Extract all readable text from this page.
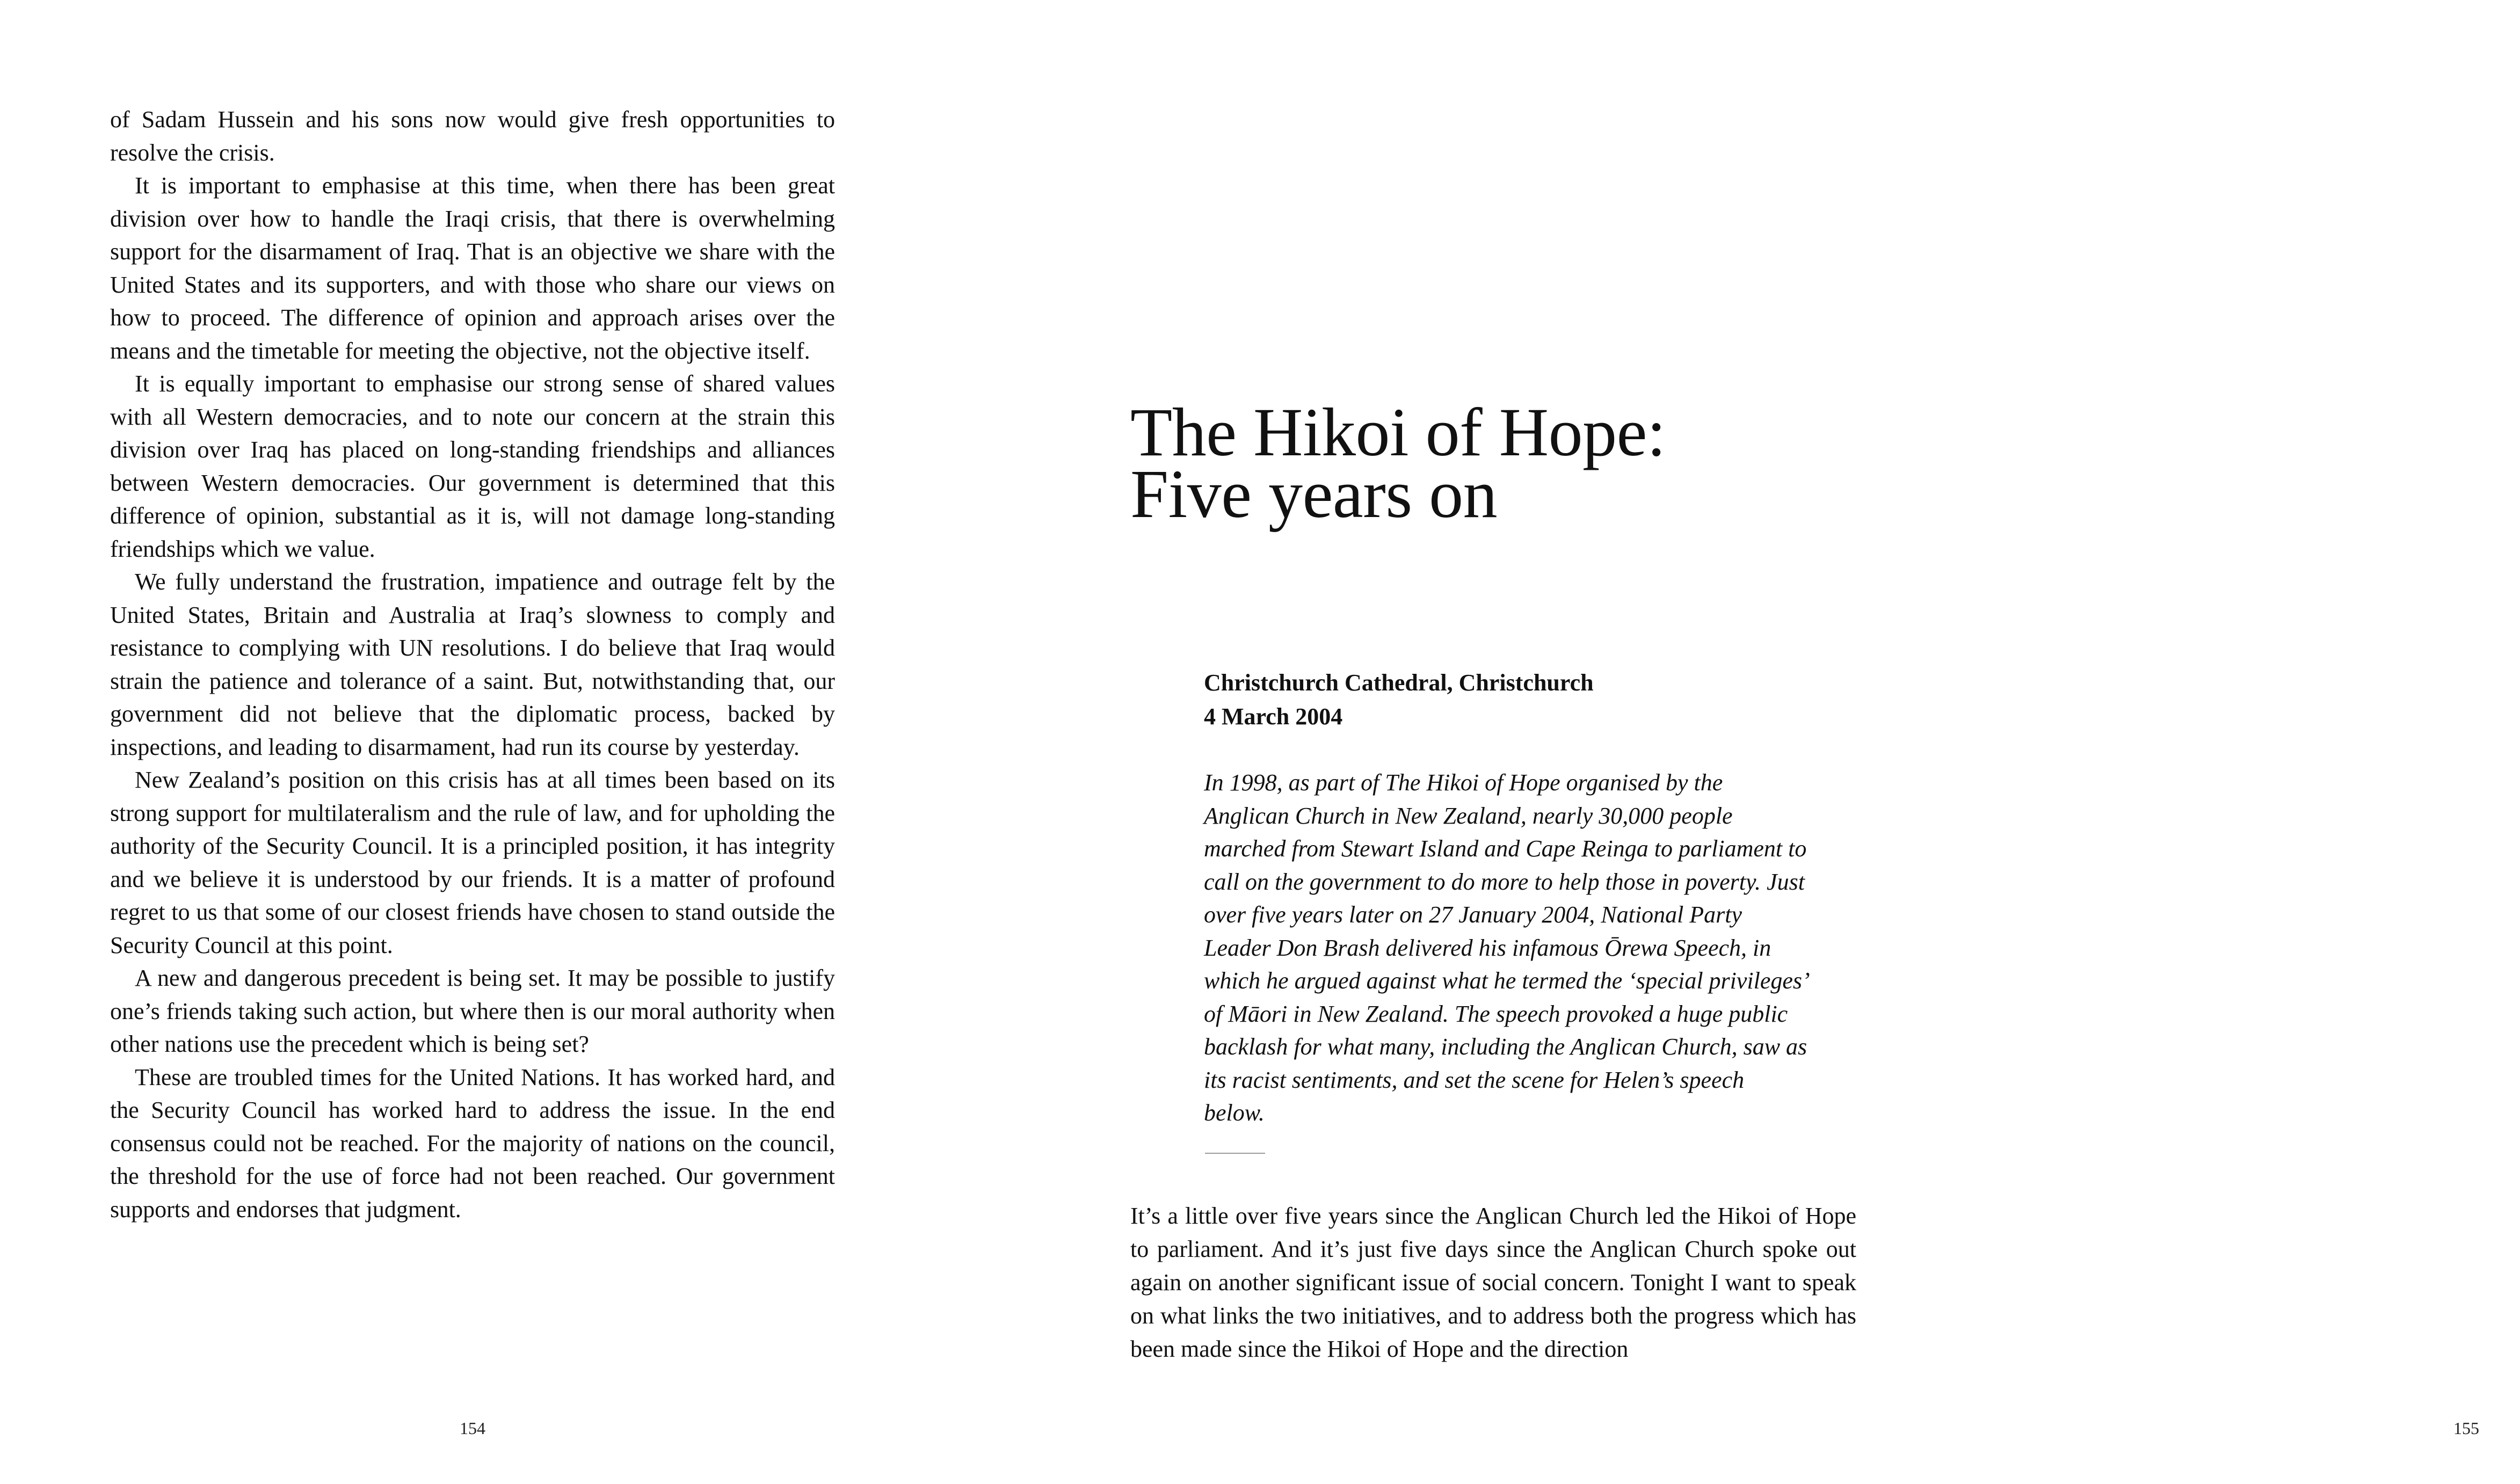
of Sadam Hussein and his sons now would give fresh opportunities to resolve the crisis.

It is important to emphasise at this time, when there has been great division over how to handle the Iraqi crisis, that there is overwhelming support for the disarmament of Iraq. That is an objective we share with the United States and its supporters, and with those who share our views on how to proceed. The difference of opinion and approach arises over the means and the timetable for meeting the objective, not the objective itself.

It is equally important to emphasise our strong sense of shared values with all Western democracies, and to note our concern at the strain this division over Iraq has placed on long-standing friendships and alliances between Western democracies. Our government is determined that this difference of opinion, substantial as it is, will not damage long-standing friendships which we value.

We fully understand the frustration, impatience and outrage felt by the United States, Britain and Australia at Iraq’s slowness to comply and resistance to complying with UN resolutions. I do believe that Iraq would strain the patience and tolerance of a saint. But, notwithstanding that, our government did not believe that the diplomatic process, backed by inspections, and leading to disarmament, had run its course by yesterday.

New Zealand’s position on this crisis has at all times been based on its strong support for multilateralism and the rule of law, and for upholding the authority of the Security Council. It is a principled position, it has integrity and we believe it is understood by our friends. It is a matter of profound regret to us that some of our closest friends have chosen to stand outside the Security Council at this point.

A new and dangerous precedent is being set. It may be possible to justify one’s friends taking such action, but where then is our moral authority when other nations use the precedent which is being set?

These are troubled times for the United Nations. It has worked hard, and the Security Council has worked hard to address the issue. In the end consensus could not be reached. For the majority of nations on the council, the threshold for the use of force had not been reached. Our government supports and endorses that judgment.

154
The Hikoi of Hope:
Five years on
Christchurch Cathedral, Christchurch
4 March 2004

In 1998, as part of The Hikoi of Hope organised by the Anglican Church in New Zealand, nearly 30,000 people marched from Stewart Island and Cape Reinga to parliament to call on the government to do more to help those in poverty. Just over five years later on 27 January 2004, National Party Leader Don Brash delivered his infamous Ōrewa Speech, in which he argued against what he termed the ‘special privileges’ of Māori in New Zealand. The speech provoked a huge public backlash for what many, including the Anglican Church, saw as its racist sentiments, and set the scene for Helen’s speech below.

It’s a little over five years since the Anglican Church led the Hikoi of Hope to parliament. And it’s just five days since the Anglican Church spoke out again on another significant issue of social concern. Tonight I want to speak on what links the two initiatives, and to address both the progress which has been made since the Hikoi of Hope and the direction

155
